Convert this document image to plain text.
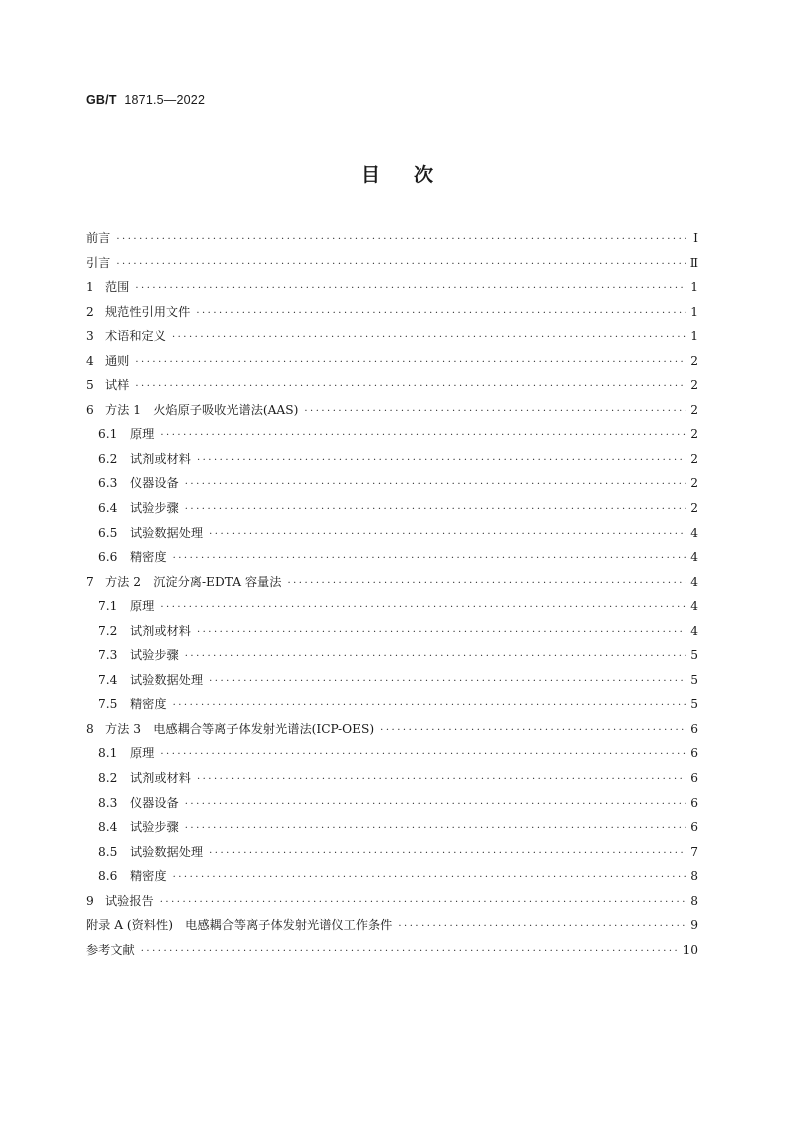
GB/T 1871.5—2022
目次
前言 ·····	Ⅰ
引言 ·····	Ⅱ
1 范围 ·····	1
2 规范性引用文件 ·····	1
3 术语和定义 ·····	1
4 通则 ·····	2
5 试样 ·····	2
6 方法 1　火焰原子吸收光谱法(AAS) ·····	2
6.1	原理 ·····	2
6.2	试剂或材料 ·····	2
6.3	仪器设备 ·····	2
6.4	试验步骤 ·····	2
6.5	试验数据处理 ·····	4
6.6	精密度 ·····	4
7 方法 2　沉淀分离-EDTA 容量法 ·····	4
7.1	原理 ·····	4
7.2	试剂或材料 ·····	4
7.3	试验步骤 ·····	5
7.4	试验数据处理 ·····	5
7.5	精密度 ·····	5
8 方法 3　电感耦合等离子体发射光谱法(ICP-OES) ·····	6
8.1	原理 ·····	6
8.2	试剂或材料 ·····	6
8.3	仪器设备 ·····	6
8.4	试验步骤 ·····	6
8.5	试验数据处理 ·····	7
8.6	精密度 ·····	8
9 试验报告 ·····	8
附录 A (资料性)　电感耦合等离子体发射光谱仪工作条件 ·····	9
参考文献 ·····	10
